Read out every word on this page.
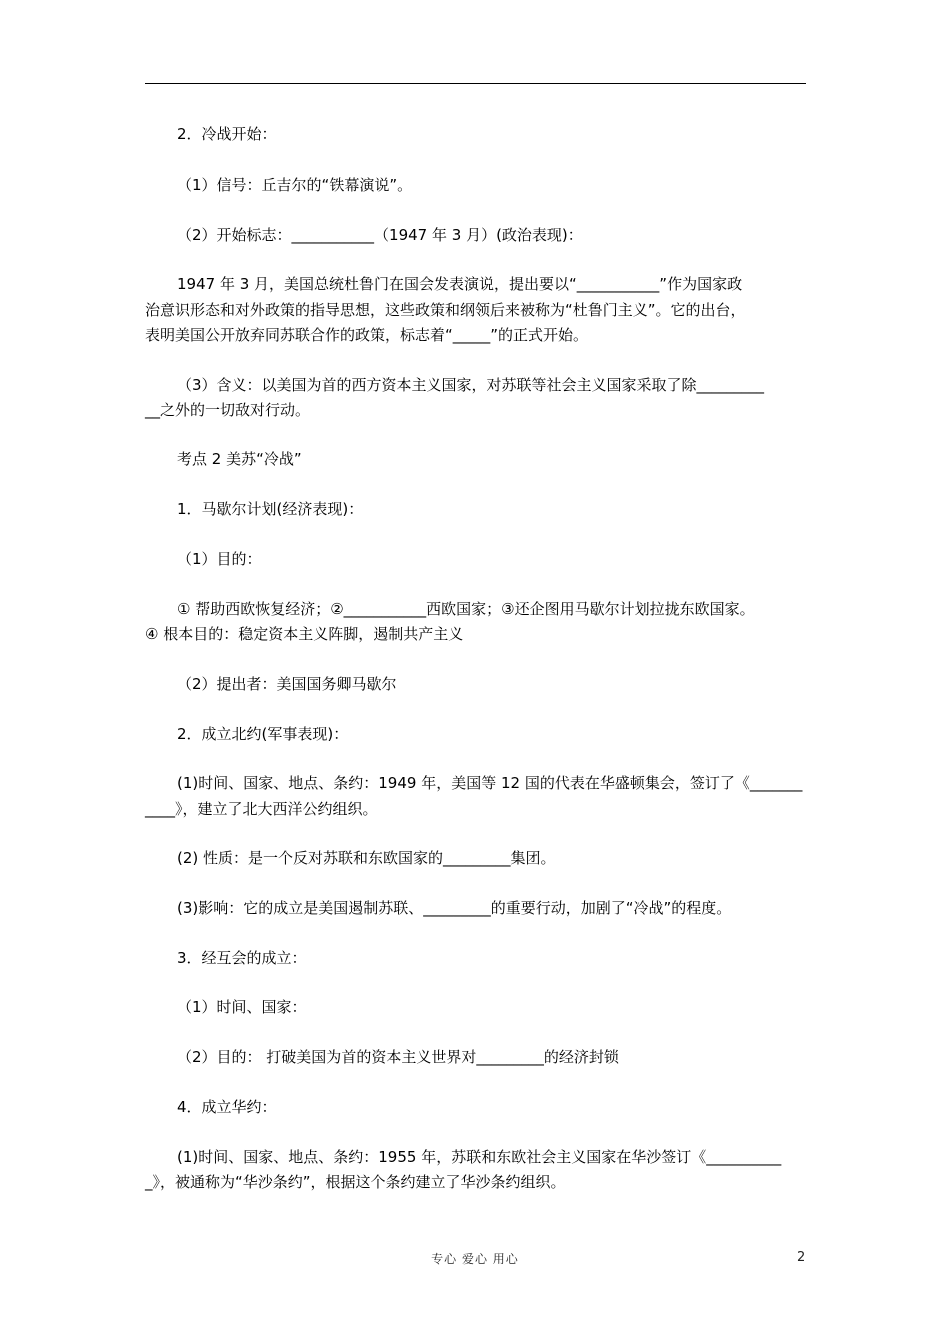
2．冷战开始：
（1）信号：丘吉尔的“铁幕演说”。
（2）开始标志：___________（1947 年 3 月）(政治表现)：
1947 年 3 月，美国总统杜鲁门在国会发表演说，提出要以“___________”作为国家政
治意识形态和对外政策的指导思想，这些政策和纲领后来被称为“杜鲁门主义”。它的出台，
表明美国公开放弃同苏联合作的政策，标志着“_____”的正式开始。
（3）含义：以美国为首的西方资本主义国家，对苏联等社会主义国家采取了除_________
__之外的一切敌对行动。
考点 2 美苏“冷战”
1．马歇尔计划(经济表现)：
（1）目的：
① 帮助西欧恢复经济；②___________西欧国家；③还企图用马歇尔计划拉拢东欧国家。
④ 根本目的：稳定资本主义阵脚，遏制共产主义
（2）提出者：美国国务卿马歇尔
2．成立北约(军事表现)：
(1)时间、国家、地点、条约：1949 年，美国等 12 国的代表在华盛顿集会，签订了《_______
____》，建立了北大西洋公约组织。
(2) 性质：是一个反对苏联和东欧国家的_________集团。
(3)影响：它的成立是美国遏制苏联、_________的重要行动，加剧了“冷战”的程度。
3．经互会的成立：
（1）时间、国家：
（2）目的： 打破美国为首的资本主义世界对_________的经济封锁
4．成立华约：
(1)时间、国家、地点、条约：1955 年，苏联和东欧社会主义国家在华沙签订《__________
_》，被通称为“华沙条约”，根据这个条约建立了华沙条约组织。
专心 爱心 用心	2
